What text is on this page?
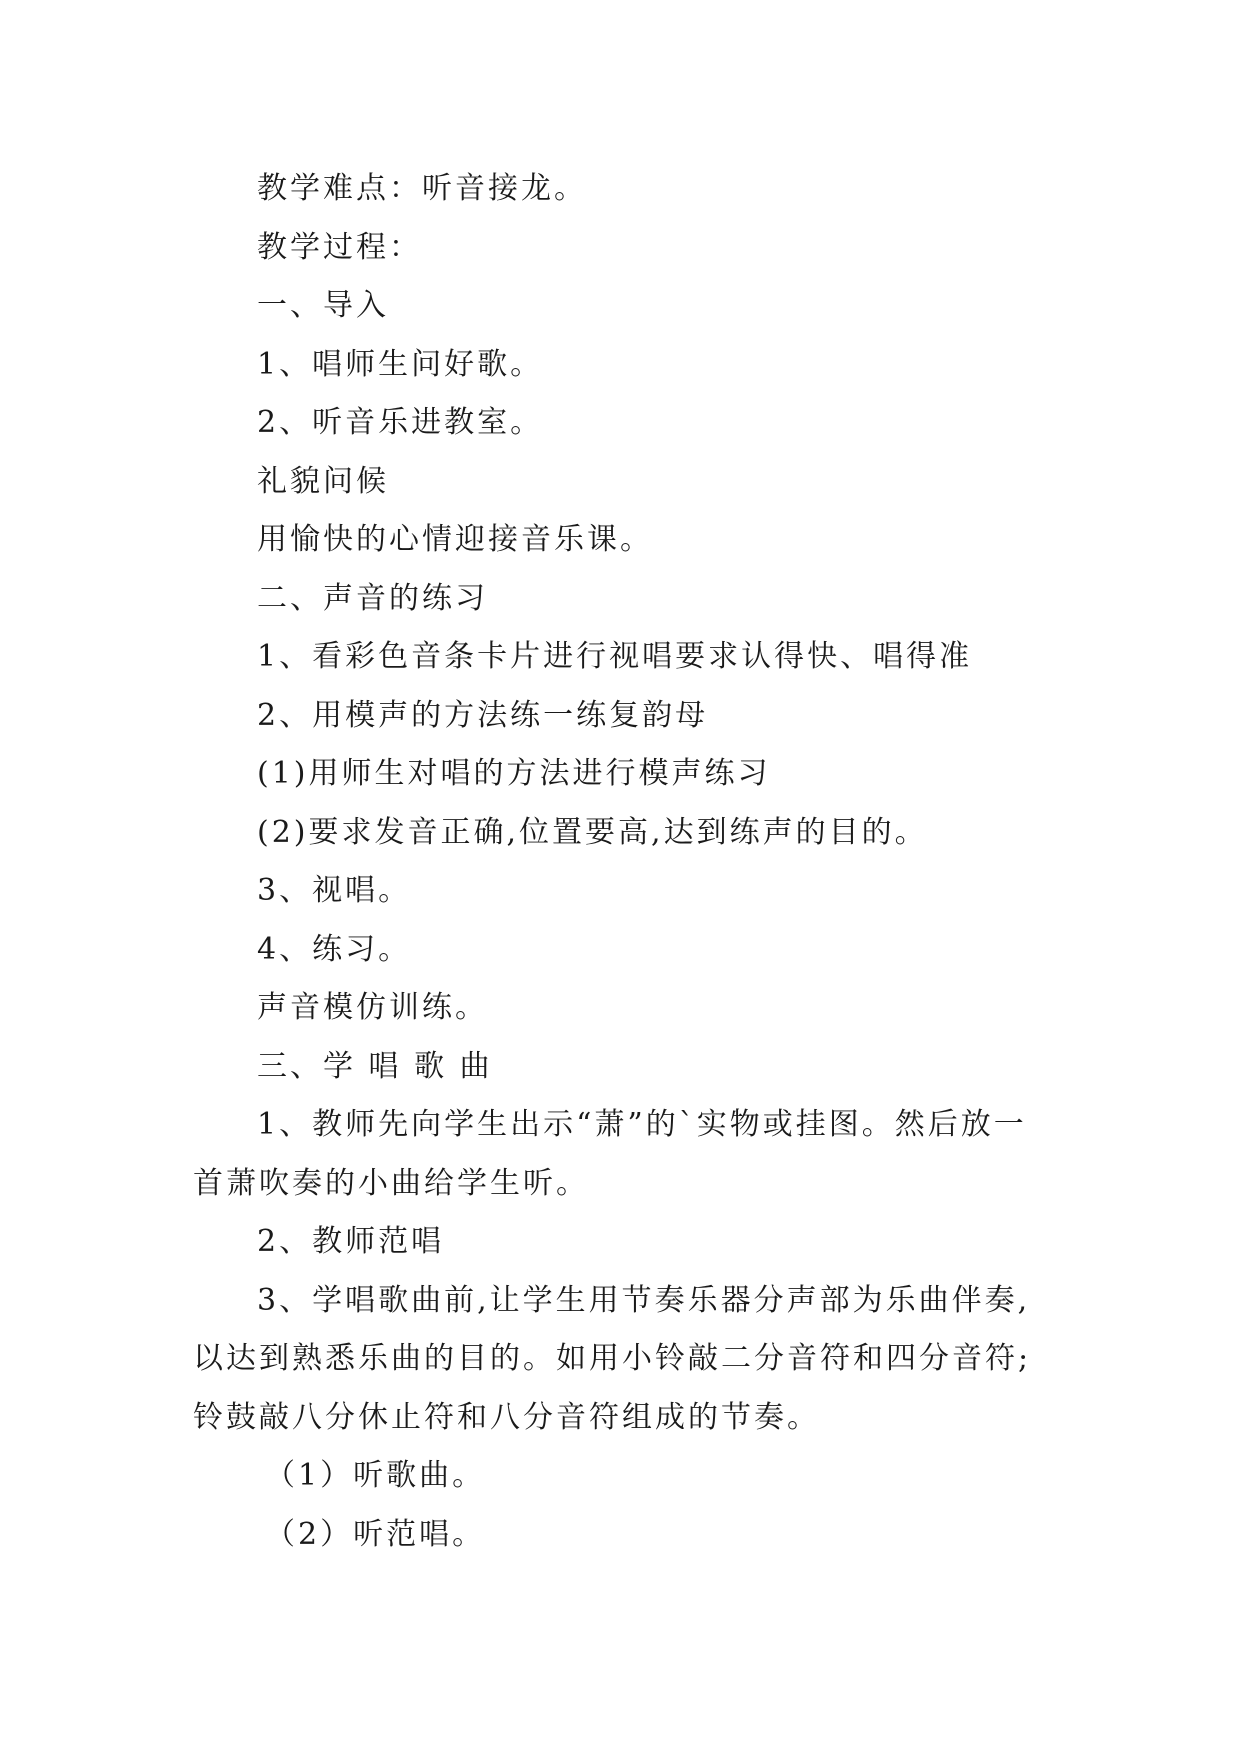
教学难点：听音接龙。
教学过程：
一、导入
1、唱师生问好歌。
2、听音乐进教室。
礼貌问候
用愉快的心情迎接音乐课。
二、声音的练习
1、看彩色音条卡片进行视唱要求认得快、唱得准
2、用模声的方法练一练复韵母
(1)用师生对唱的方法进行模声练习
(2)要求发音正确,位置要高,达到练声的目的。
3、视唱。
4、练习。
声音模仿训练。
三、学 唱 歌 曲
1、教师先向学生出示“萧”的`实物或挂图。然后放一
首萧吹奏的小曲给学生听。
2、教师范唱
3、学唱歌曲前,让学生用节奏乐器分声部为乐曲伴奏,
以达到熟悉乐曲的目的。如用小铃敲二分音符和四分音符;
铃鼓敲八分休止符和八分音符组成的节奏。
（1）听歌曲。
（2）听范唱。
